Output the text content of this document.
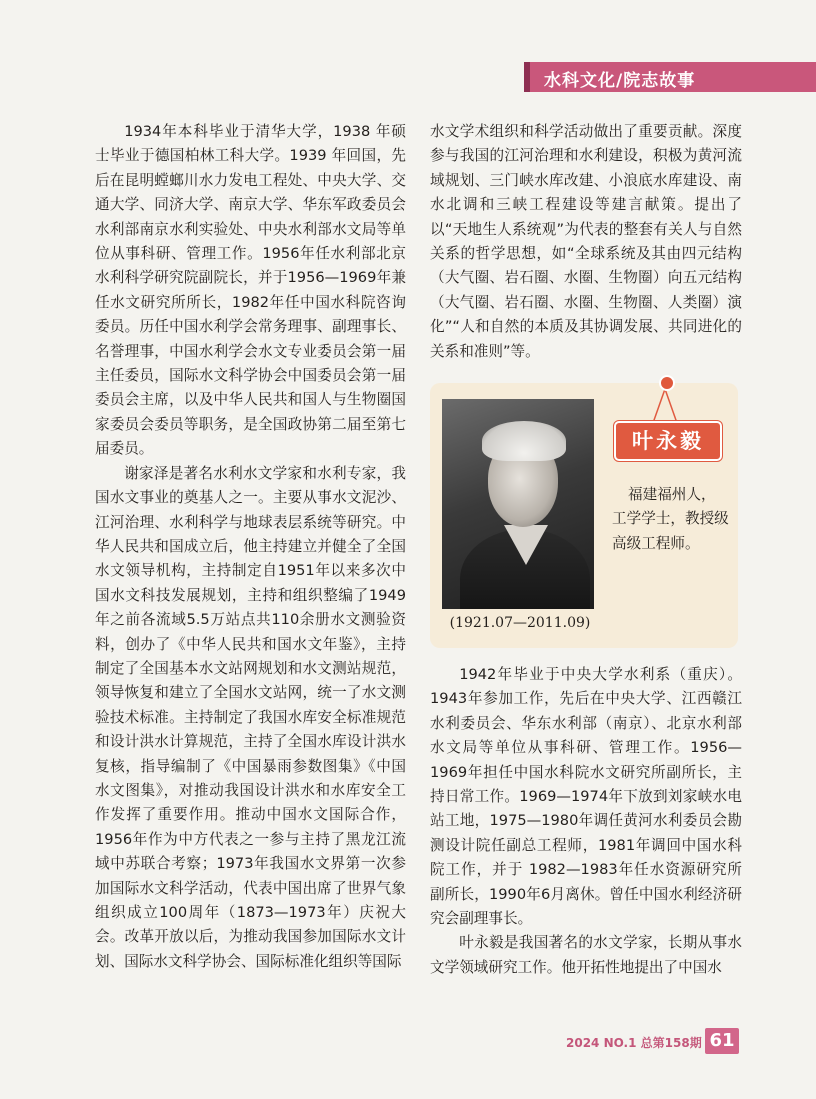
水科文化/院志故事

1934年本科毕业于清华大学，1938 年硕士毕业于德国柏林工科大学。1939 年回国，先后在昆明螳螂川水力发电工程处、中央大学、交通大学、同济大学、南京大学、华东军政委员会水利部南京水利实验处、中央水利部水文局等单位从事科研、管理工作。1956年任水利部北京水利科学研究院副院长，并于1956—1969年兼任水文研究所所长，1982年任中国水科院咨询委员。历任中国水利学会常务理事、副理事长、名誉理事，中国水利学会水文专业委员会第一届主任委员，国际水文科学协会中国委员会第一届委员会主席，以及中华人民共和国人与生物圈国家委员会委员等职务，是全国政协第二届至第七届委员。

谢家泽是著名水利水文学家和水利专家，我国水文事业的奠基人之一。主要从事水文泥沙、江河治理、水利科学与地球表层系统等研究。中华人民共和国成立后，他主持建立并健全了全国水文领导机构，主持制定自1951年以来多次中国水文科技发展规划，主持和组织整编了1949年之前各流域5.5万站点共110余册水文测验资料，创办了《中华人民共和国水文年鉴》，主持制定了全国基本水文站网规划和水文测站规范，领导恢复和建立了全国水文站网，统一了水文测验技术标准。主持制定了我国水库安全标准规范和设计洪水计算规范，主持了全国水库设计洪水复核，指导编制了《中国暴雨参数图集》《中国水文图集》，对推动我国设计洪水和水库安全工作发挥了重要作用。推动中国水文国际合作，1956年作为中方代表之一参与主持了黑龙江流域中苏联合考察；1973年我国水文界第一次参加国际水文科学活动，代表中国出席了世界气象组织成立100周年（1873—1973年）庆祝大会。改革开放以后，为推动我国参加国际水文计划、国际水文科学协会、国际标准化组织等国际

水文学术组织和科学活动做出了重要贡献。深度参与我国的江河治理和水利建设，积极为黄河流域规划、三门峡水库改建、小浪底水库建设、南水北调和三峡工程建设等建言献策。提出了以“天地生人系统观”为代表的整套有关人与自然关系的哲学思想，如“全球系统及其由四元结构（大气圈、岩石圈、水圈、生物圈）向五元结构（大气圈、岩石圈、水圈、生物圈、人类圈）演化”“人和自然的本质及其协调发展、共同进化的关系和准则”等。

(1921.07—2011.09)
叶永毅
福建福州人，
工学学士，教授级
高级工程师。

1942年毕业于中央大学水利系（重庆）。1943年参加工作，先后在中央大学、江西赣江水利委员会、华东水利部（南京）、北京水利部水文局等单位从事科研、管理工作。1956—1969年担任中国水科院水文研究所副所长，主持日常工作。1969—1974年下放到刘家峡水电站工地，1975—1980年调任黄河水利委员会勘测设计院任副总工程师，1981年调回中国水科院工作，并于 1982—1983年任水资源研究所副所长，1990年6月离休。曾任中国水利经济研究会副理事长。

叶永毅是我国著名的水文学家，长期从事水文学领域研究工作。他开拓性地提出了中国水

2024 NO.1 总第158期 61
